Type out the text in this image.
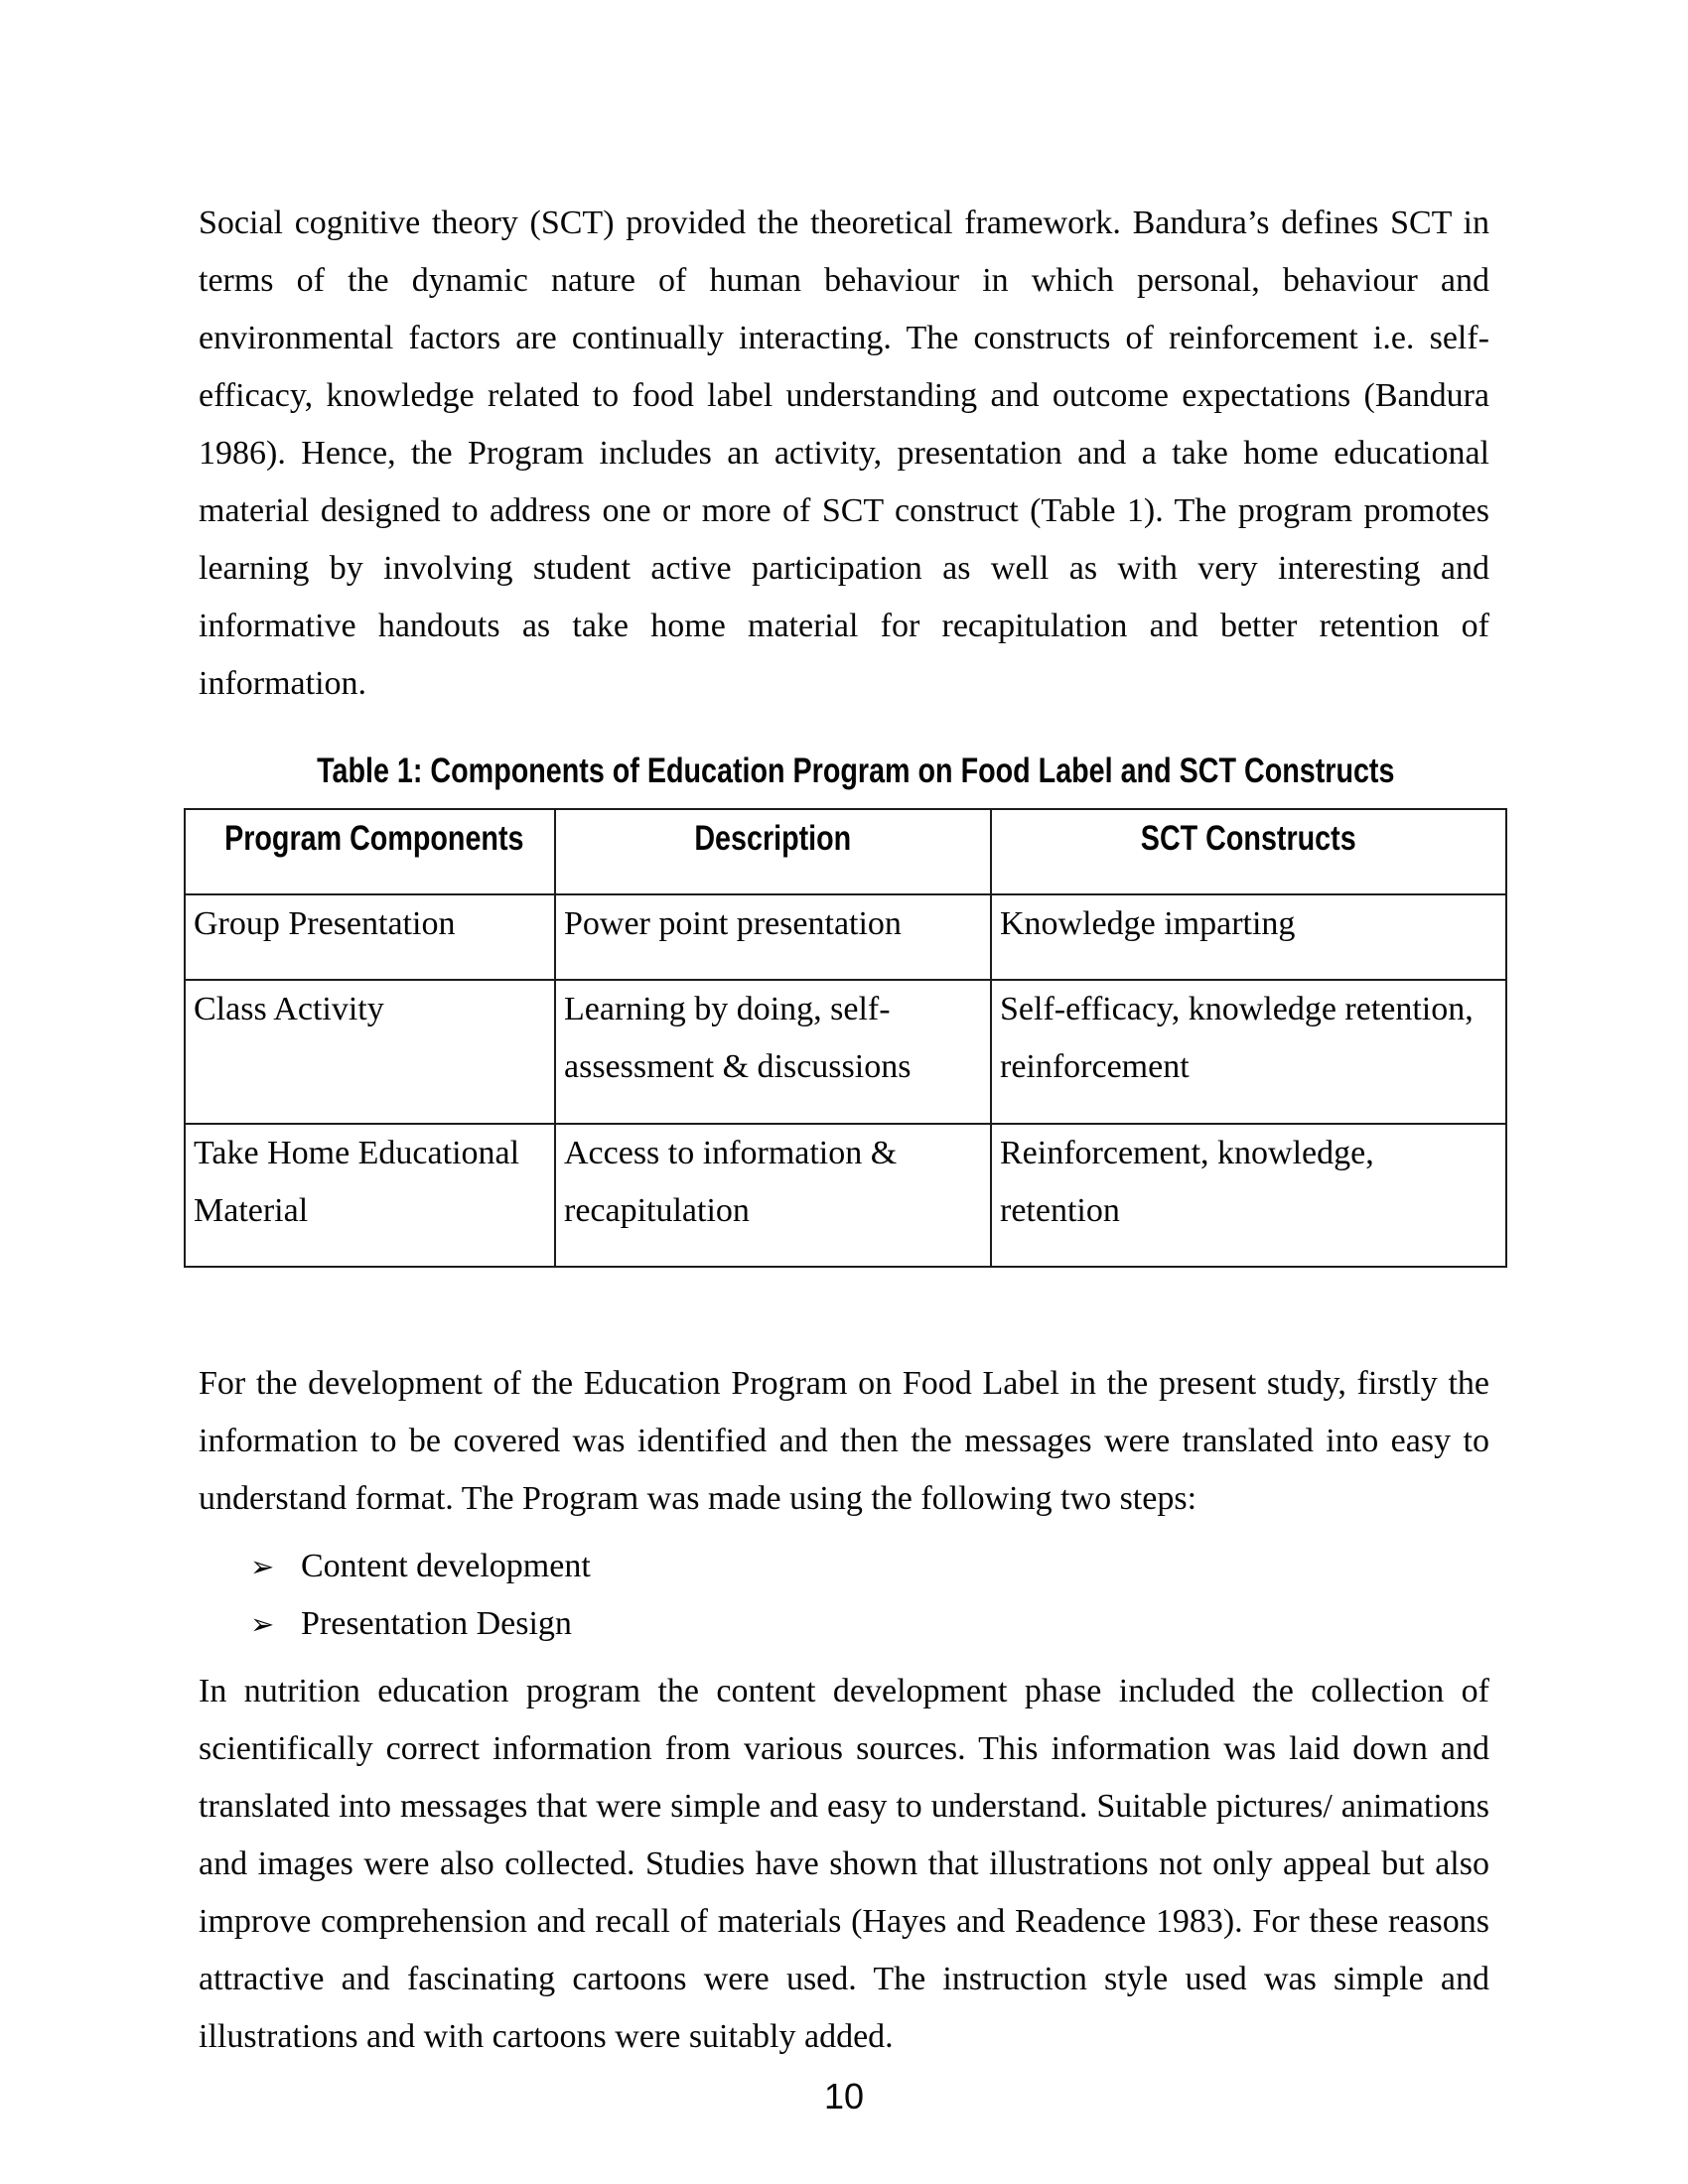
Social cognitive theory (SCT) provided the theoretical framework. Bandura’s defines SCT in terms of the dynamic nature of human behaviour in which personal, behaviour and environmental factors are continually interacting. The constructs of reinforcement i.e. self-efficacy, knowledge related to food label understanding and outcome expectations (Bandura 1986). Hence, the Program includes an activity, presentation and a take home educational material designed to address one or more of SCT construct (Table 1). The program promotes learning by involving student active participation as well as with very interesting and informative handouts as take home material for recapitulation and better retention of information.

Table 1: Components of Education Program on Food Label and SCT Constructs
Program Components	Description	SCT Constructs
Group Presentation	Power point presentation	Knowledge imparting
Class Activity	Learning by doing, self-assessment & discussions	Self-efficacy, knowledge retention, reinforcement
Take Home Educational Material	Access to information & recapitulation	Reinforcement, knowledge, retention

For the development of the Education Program on Food Label in the present study, firstly the information to be covered was identified and then the messages were translated into easy to understand format. The Program was made using the following two steps:

➢ Content development
➢ Presentation Design

In nutrition education program the content development phase included the collection of scientifically correct information from various sources. This information was laid down and translated into messages that were simple and easy to understand. Suitable pictures/ animations and images were also collected. Studies have shown that illustrations not only appeal but also improve comprehension and recall of materials (Hayes and Readence 1983). For these reasons attractive and fascinating cartoons were used. The instruction style used was simple and illustrations and with cartoons were suitably added.

10
